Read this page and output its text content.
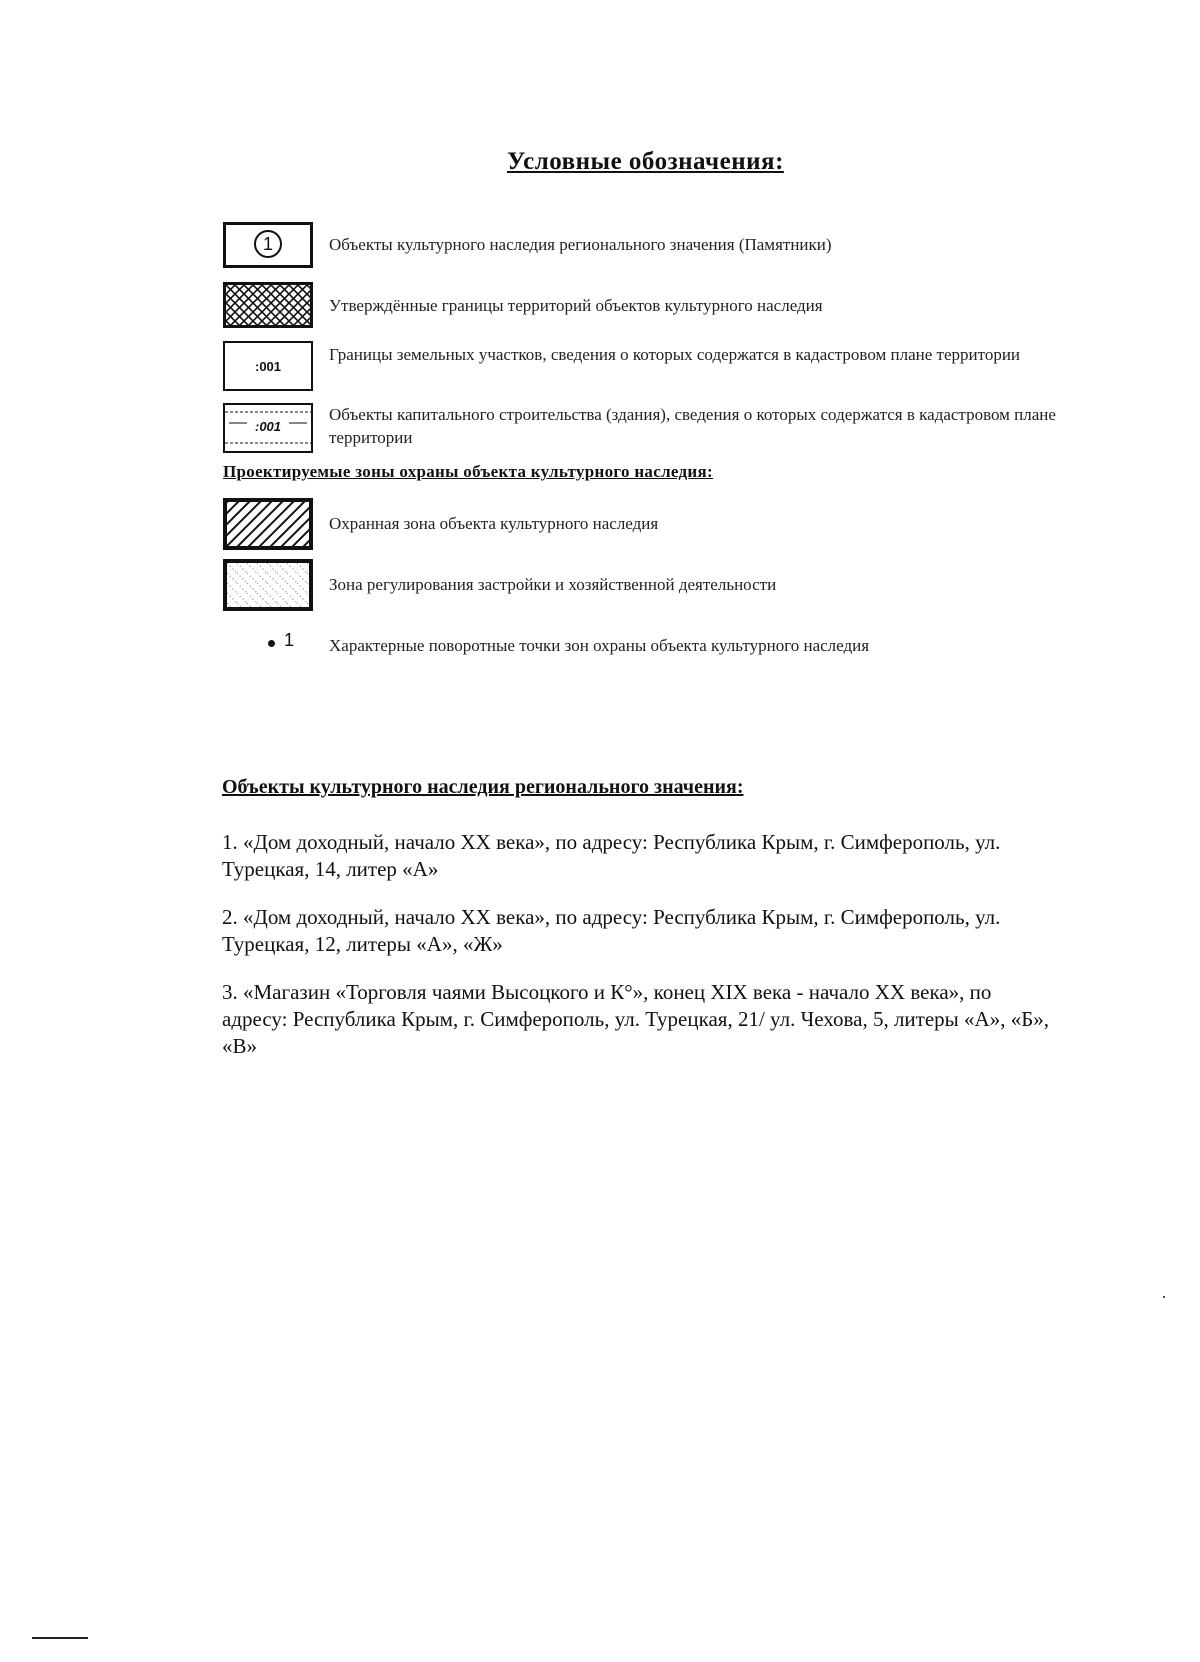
Условные обозначения:
1	Объекты культурного наследия регионального значения (Памятники)
Утверждённые границы территорий объектов культурного наследия
:001
Границы земельных участков, сведения о которых содержатся в кадастровом плане территории
:001
Объекты капитального строительства (здания), сведения о которых содержатся в кадастровом плане территории
Проектируемые зоны охраны объекта культурного наследия:
Охранная зона объекта культурного наследия
Зона регулирования застройки и хозяйственной деятельности
1 Характерные поворотные точки зон охраны объекта культурного наследия
Объекты культурного наследия регионального значения:
1. «Дом доходный, начало XX века», по адресу: Республика Крым, г. Симферополь, ул. Турецкая, 14, литер «А»
2. «Дом доходный, начало XX века», по адресу: Республика Крым, г. Симферополь, ул. Турецкая, 12, литеры «А», «Ж»
3. «Магазин «Торговля чаями Высоцкого и К°», конец XIX века - начало XX века», по адресу: Республика Крым, г. Симферополь, ул. Турецкая, 21/ ул. Чехова, 5, литеры «А», «Б», «В»
